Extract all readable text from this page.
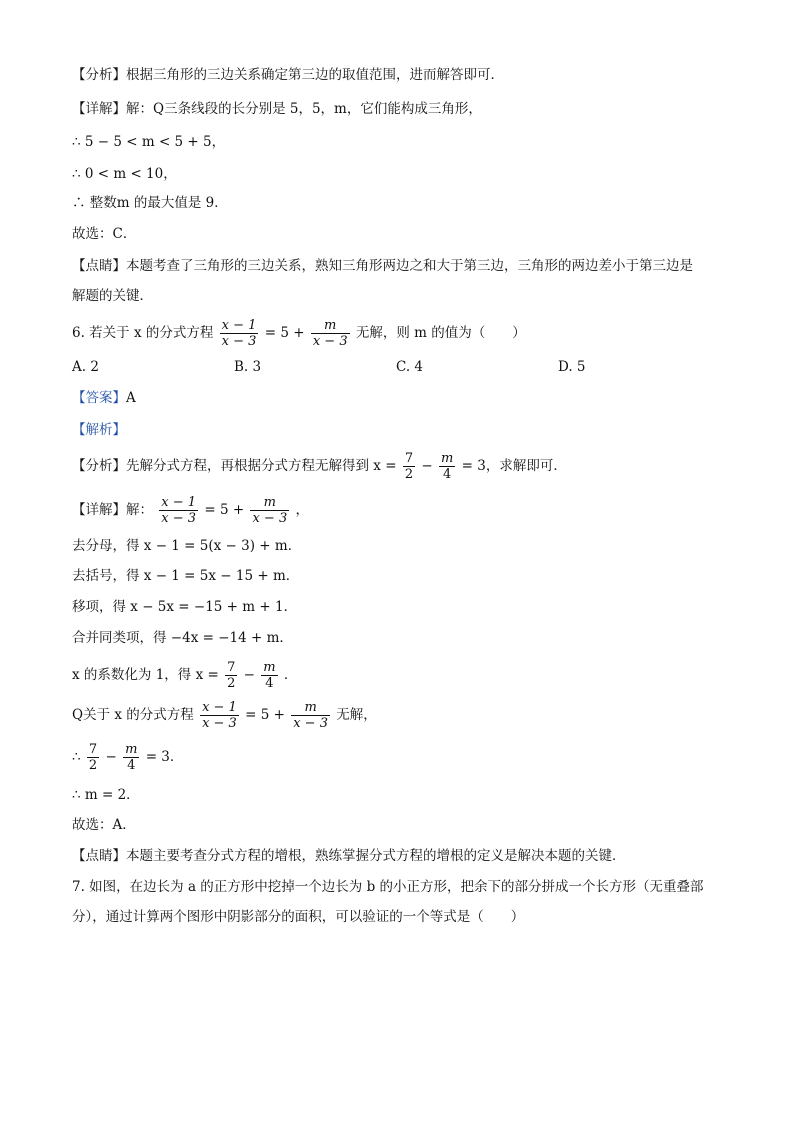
【分析】根据三角形的三边关系确定第三边的取值范围，进而解答即可．
【详解】解：Q三条线段的长分别是 5，5，m，它们能构成三角形，
∴ 5 − 5 < m < 5 + 5，
∴ 0 < m < 10，
∴ 整数m 的最大值是 9．
故选：C．
【点睛】本题考查了三角形的三边关系，熟知三角形两边之和大于第三边，三角形的两边差小于第三边是
解题的关键．
6. 若关于 x 的分式方程 $\frac{x - 1}{x - 3} = 5 + \frac{m}{x - 3}$ 无解，则 m 的值为（　　）
A. 2	B. 3	C. 4	D. 5
【答案】A
【解析】
【分析】先解分式方程，再根据分式方程无解得到 $x = \frac{7}{2} - \frac{m}{4} = 3$，求解即可．
【详解】解： $\frac{x - 1}{x - 3} = 5 + \frac{m}{x - 3}$ ，
去分母，得 x − 1 = 5(x − 3) + m．
去括号，得 x − 1 = 5x − 15 + m．
移项，得 x − 5x = −15 + m + 1．
合并同类项，得 −4x = −14 + m．
x 的系数化为 1，得 $x = \frac{7}{2} - \frac{m}{4}$ ．
Q关于 x 的分式方程 $\frac{x - 1}{x - 3} = 5 + \frac{m}{x - 3}$ 无解，
∴ $\frac{7}{2} - \frac{m}{4} = 3$．
∴ m = 2．
故选：A．
【点睛】本题主要考查分式方程的增根，熟练掌握分式方程的增根的定义是解决本题的关键．
7. 如图，在边长为 a 的正方形中挖掉一个边长为 b 的小正方形，把余下的部分拼成一个长方形（无重叠部
分），通过计算两个图形中阴影部分的面积，可以验证的一个等式是（　　）
